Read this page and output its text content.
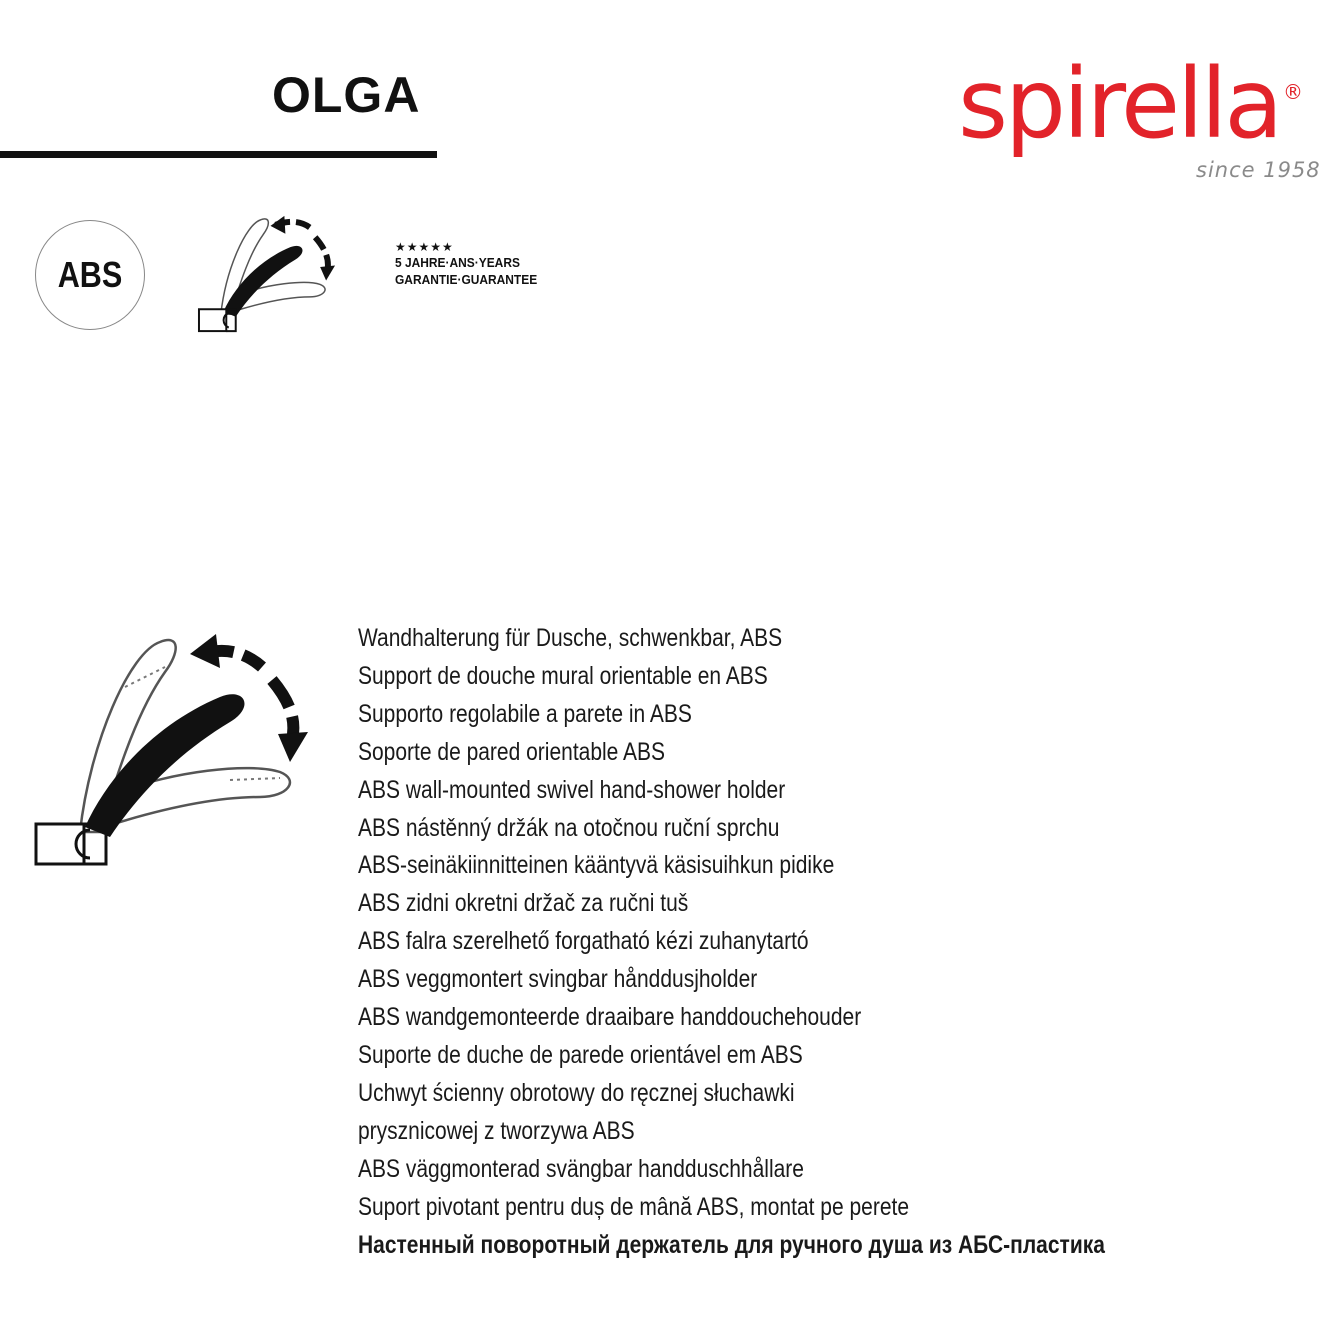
OLGA	spirella ®
since 1958
ABS
★★★★★
5 JAHRE·ANS·YEARS
GARANTIE·GUARANTEE
Wandhalterung für Dusche, schwenkbar, ABS
Support de douche mural orientable en ABS
Supporto regolabile a parete in ABS
Soporte de pared orientable ABS
ABS wall-mounted swivel hand-shower holder
ABS nástěnný držák na otočnou ruční sprchu
ABS-seinäkiinnitteinen kääntyvä käsisuihkun pidike
ABS zidni okretni držač za ručni tuš
ABS falra szerelhető forgatható kézi zuhanytartó
ABS veggmontert svingbar hånddusjholder
ABS wandgemonteerde draaibare handdouchehouder
Suporte de duche de parede orientável em ABS
Uchwyt ścienny obrotowy do ręcznej słuchawki
prysznicowej z tworzywa ABS
ABS väggmonterad svängbar handduschhållare
Suport pivotant pentru duș de mână ABS, montat pe perete
Настенный поворотный держатель для ручного душа из АБС-пластика
